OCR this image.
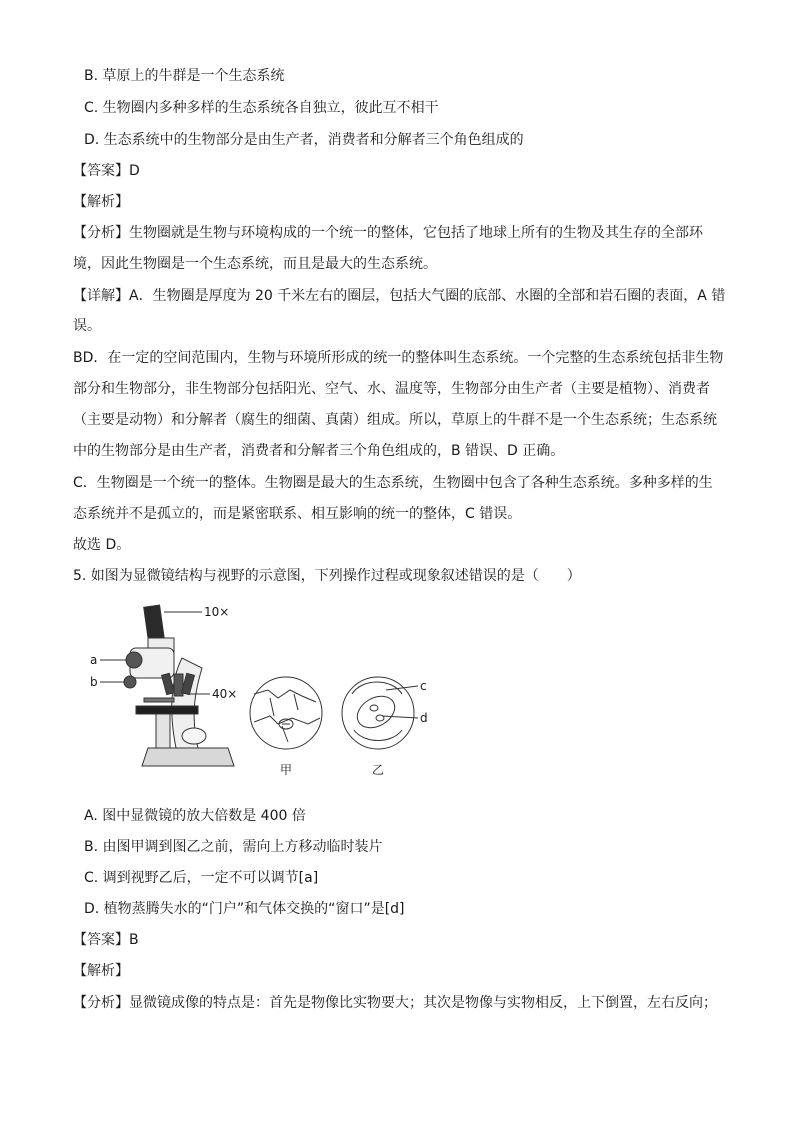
B. 草原上的牛群是一个生态系统
C. 生物圈内多种多样的生态系统各自独立，彼此互不相干
D. 生态系统中的生物部分是由生产者，消费者和分解者三个角色组成的
【答案】D
【解析】
【分析】生物圈就是生物与环境构成的一个统一的整体，它包括了地球上所有的生物及其生存的全部环
境，因此生物圈是一个生态系统，而且是最大的生态系统。
【详解】A．生物圈是厚度为 20 千米左右的圈层，包括大气圈的底部、水圈的全部和岩石圈的表面，A 错
误。
BD．在一定的空间范围内，生物与环境所形成的统一的整体叫生态系统。一个完整的生态系统包括非生物
部分和生物部分，非生物部分包括阳光、空气、水、温度等，生物部分由生产者（主要是植物）、消费者
（主要是动物）和分解者（腐生的细菌、真菌）组成。所以，草原上的牛群不是一个生态系统；生态系统
中的生物部分是由生产者，消费者和分解者三个角色组成的，B 错误、D 正确。
C．生物圈是一个统一的整体。生物圈是最大的生态系统，生物圈中包含了各种生态系统。多种多样的生
态系统并不是孤立的，而是紧密联系、相互影响的统一的整体，C 错误。
故选 D。
5. 如图为显微镜结构与视野的示意图，下列操作过程或现象叙述错误的是（　　）
10×
a
b
40×
甲
c
d
乙
A. 图中显微镜的放大倍数是 400 倍
B. 由图甲调到图乙之前，需向上方移动临时装片
C. 调到视野乙后，一定不可以调节[a]
D. 植物蒸腾失水的“门户”和气体交换的“窗口”是[d]
【答案】B
【解析】
【分析】显微镜成像的特点是：首先是物像比实物要大；其次是物像与实物相反，上下倒置，左右反向；
